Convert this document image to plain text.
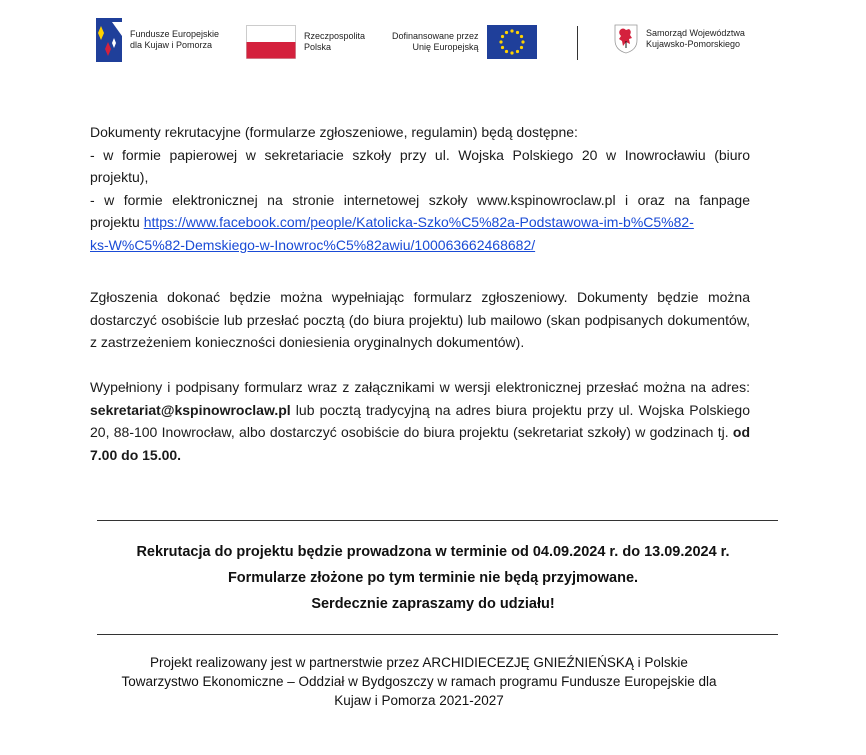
Fundusze Europejskie
dla Kujaw i Pomorza
Rzeczpospolita
Polska
Dofinansowane przez
Unię Europejską
Samorząd Województwa
Kujawsko-Pomorskiego
Dokumenty rekrutacyjne (formularze zgłoszeniowe, regulamin) będą dostępne:
- w formie papierowej w sekretariacie szkoły przy ul. Wojska Polskiego 20 w Inowrocławiu (biuro
projektu),
- w formie elektronicznej na stronie internetowej szkoły www.kspinowroclaw.pl i oraz na fanpage
projektu https://www.facebook.com/people/Katolicka-Szko%C5%82a-Podstawowa-im-b%C5%82-
ks-W%C5%82-Demskiego-w-Inowroc%C5%82awiu/100063662468682/
Zgłoszenia dokonać będzie można wypełniając formularz zgłoszeniowy. Dokumenty będzie można dostarczyć osobiście lub przesłać pocztą (do biura projektu) lub mailowo (skan podpisanych dokumentów, z zastrzeżeniem konieczności doniesienia oryginalnych dokumentów).
Wypełniony i podpisany formularz wraz z załącznikami w wersji elektronicznej przesłać można na adres: sekretariat@kspinowroclaw.pl lub pocztą tradycyjną na adres biura projektu przy ul. Wojska Polskiego 20, 88-100 Inowrocław, albo dostarczyć osobiście do biura projektu (sekretariat szkoły) w godzinach tj. od 7.00 do 15.00.
Rekrutacja do projektu będzie prowadzona w terminie od 04.09.2024 r. do 13.09.2024 r.
Formularze złożone po tym terminie nie będą przyjmowane.
Serdecznie zapraszamy do udziału!
Projekt realizowany jest w partnerstwie przez ARCHIDIECEZJĘ GNIEŹNIEŃSKĄ i Polskie
Towarzystwo Ekonomiczne – Oddział w Bydgoszczy w ramach programu Fundusze Europejskie dla
Kujaw i Pomorza 2021-2027
